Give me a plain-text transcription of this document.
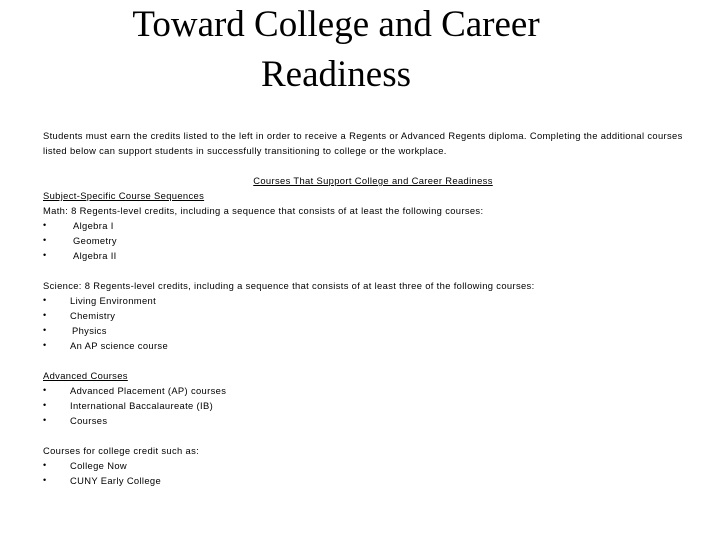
Toward College and Career
Readiness

Students must earn the credits listed to the left in order to receive a Regents or Advanced Regents diploma. Completing the additional courses listed below can support students in successfully transitioning to college or the workplace.

Courses That Support College and Career Readiness

Subject-Specific Course Sequences

Math: 8 Regents-level credits, including a sequence that consists of at least the following courses:

•	Algebra I
•	Geometry
•	Algebra II

Science: 8 Regents-level credits, including a sequence that consists of at least three of the following courses:

• Living Environment
• Chemistry
•	Physics
• An AP science course

Advanced Courses

• Advanced Placement (AP) courses
• International Baccalaureate (IB)
• Courses

Courses for college credit such as:

• College Now
• CUNY Early College
